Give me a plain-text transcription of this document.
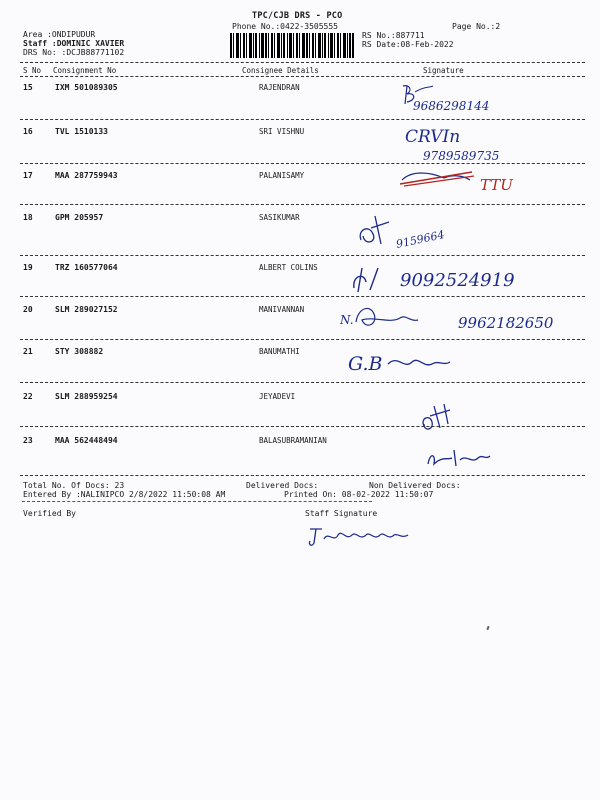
TPC/CJB DRS - PCO
Phone No.:0422-3505555	Page No.:2
Area :ONDIPUDUR
Staff :DOMINIC XAVIER
DRS No: :DCJB88771102
RS No.:887711
RS Date:08-Feb-2022
S No Consignment No	Consignee Details	Signature
15	IXM 501089305	RAJENDRAN
9686298144
16	TVL 1510133	SRI VISHNU	CRVIn
9789589735
17	MAA 287759943	PALANISAMY
TTU
18	GPM 205957	SASIKUMAR
9159664
19	TRZ 160577064	ALBERT COLINS
9092524919
20	SLM 289027152	MANIVANNAN
N.	9962182650
21	STY 308882	BANUMATHI
G.B
22	SLM 288959254	JEYADEVI
23	MAA 562448494	BALASUBRAMANIAN
Total No. Of Docs: 23	Delivered Docs:	Non Delivered Docs:
Entered By :NALINIPCO 2/8/2022 11:50:08 AM	Printed On: 08-02-2022 11:50:07
Verified By	Staff Signature
